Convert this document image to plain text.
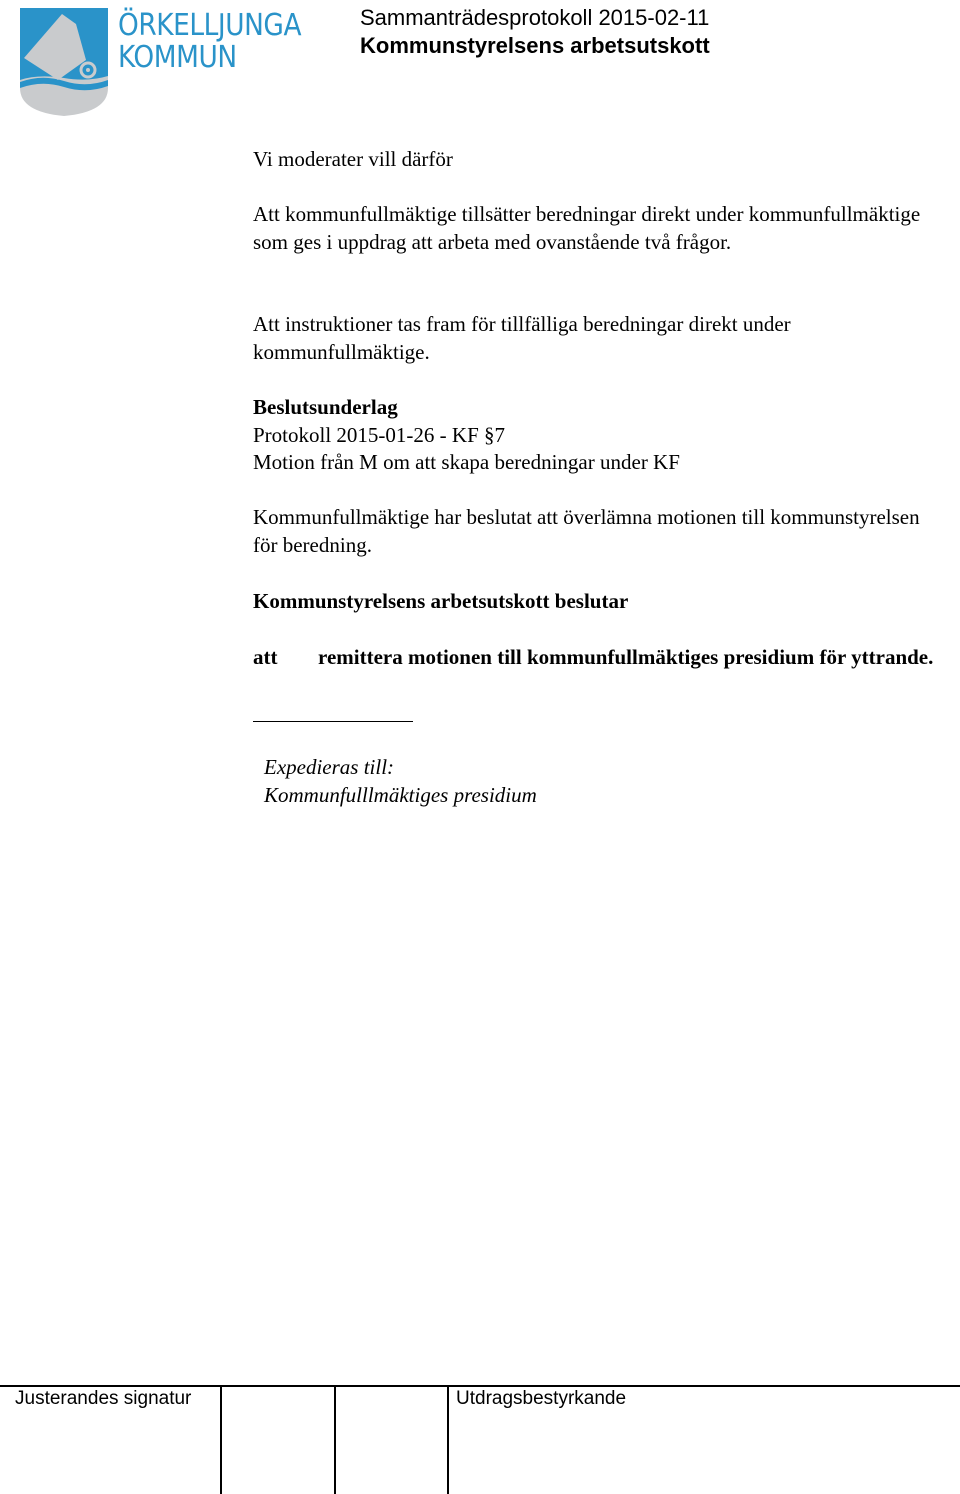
ÖRKELLJUNGA
KOMMUN
Sammanträdesprotokoll 2015-02-11
Kommunstyrelsens arbetsutskott

Vi moderater vill därför

Att kommunfullmäktige tillsätter beredningar direkt under kommunfullmäktige som ges i uppdrag att arbeta med ovanstående två frågor.

Att instruktioner tas fram för tillfälliga beredningar direkt under kommunfullmäktige.

Beslutsunderlag

Protokoll 2015-01-26 - KF §7

Motion från M om att skapa beredningar under KF

Kommunfullmäktige har beslutat att överlämna motionen till kommunstyrelsen för beredning.

Kommunstyrelsens arbetsutskott beslutar

att remittera motionen till kommunfullmäktiges presidium för yttrande.
Expedieras till:
Kommunfulllmäktiges presidium
Justerandes signatur	Utdragsbestyrkande
